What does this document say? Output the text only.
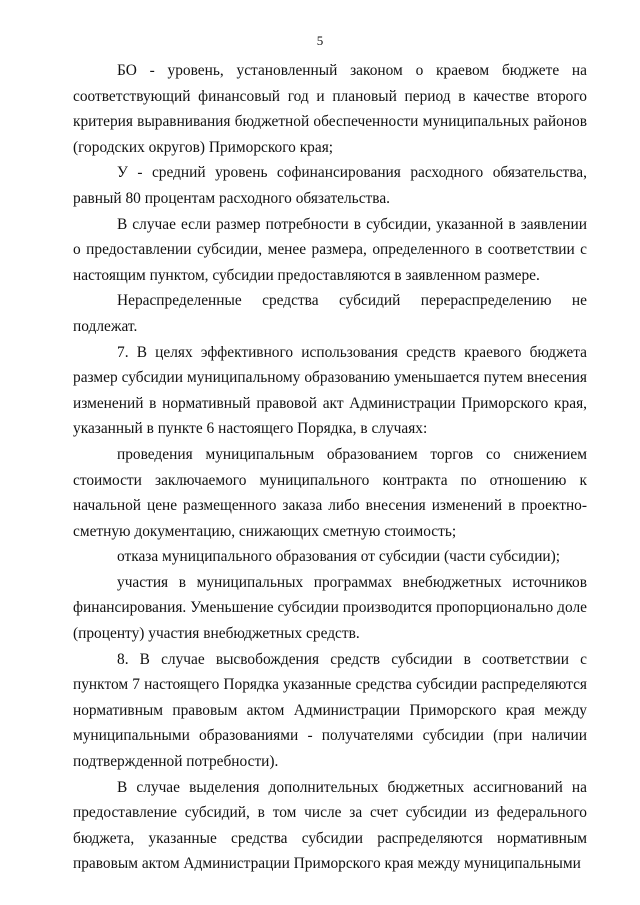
5

БО - уровень, установленный законом о краевом бюджете на соответствующий финансовый год и плановый период в качестве второго критерия выравнивания бюджетной обеспеченности муниципальных районов (городских округов) Приморского края;

У - средний уровень софинансирования расходного обязательства, равный 80 процентам расходного обязательства.

В случае если размер потребности в субсидии, указанной в заявлении о предоставлении субсидии, менее размера, определенного в соответствии с настоящим пунктом, субсидии предоставляются в заявленном размере.

Нераспределенные средства субсидий перераспределению не подлежат.

7. В целях эффективного использования средств краевого бюджета размер субсидии муниципальному образованию уменьшается путем внесения изменений в нормативный правовой акт Администрации Приморского края, указанный в пункте 6 настоящего Порядка, в случаях:

проведения муниципальным образованием торгов со снижением стоимости заключаемого муниципального контракта по отношению к начальной цене размещенного заказа либо внесения изменений в проектно-сметную документацию, снижающих сметную стоимость;

отказа муниципального образования от субсидии (части субсидии);

участия в муниципальных программах внебюджетных источников финансирования. Уменьшение субсидии производится пропорционально доле (проценту) участия внебюджетных средств.

8. В случае высвобождения средств субсидии в соответствии с пунктом 7 настоящего Порядка указанные средства субсидии распределяются нормативным правовым актом Администрации Приморского края между муниципальными образованиями - получателями субсидии (при наличии подтвержденной потребности).

В случае выделения дополнительных бюджетных ассигнований на предоставление субсидий, в том числе за счет субсидии из федерального бюджета, указанные средства субсидии распределяются нормативным правовым актом Администрации Приморского края между муниципальными
